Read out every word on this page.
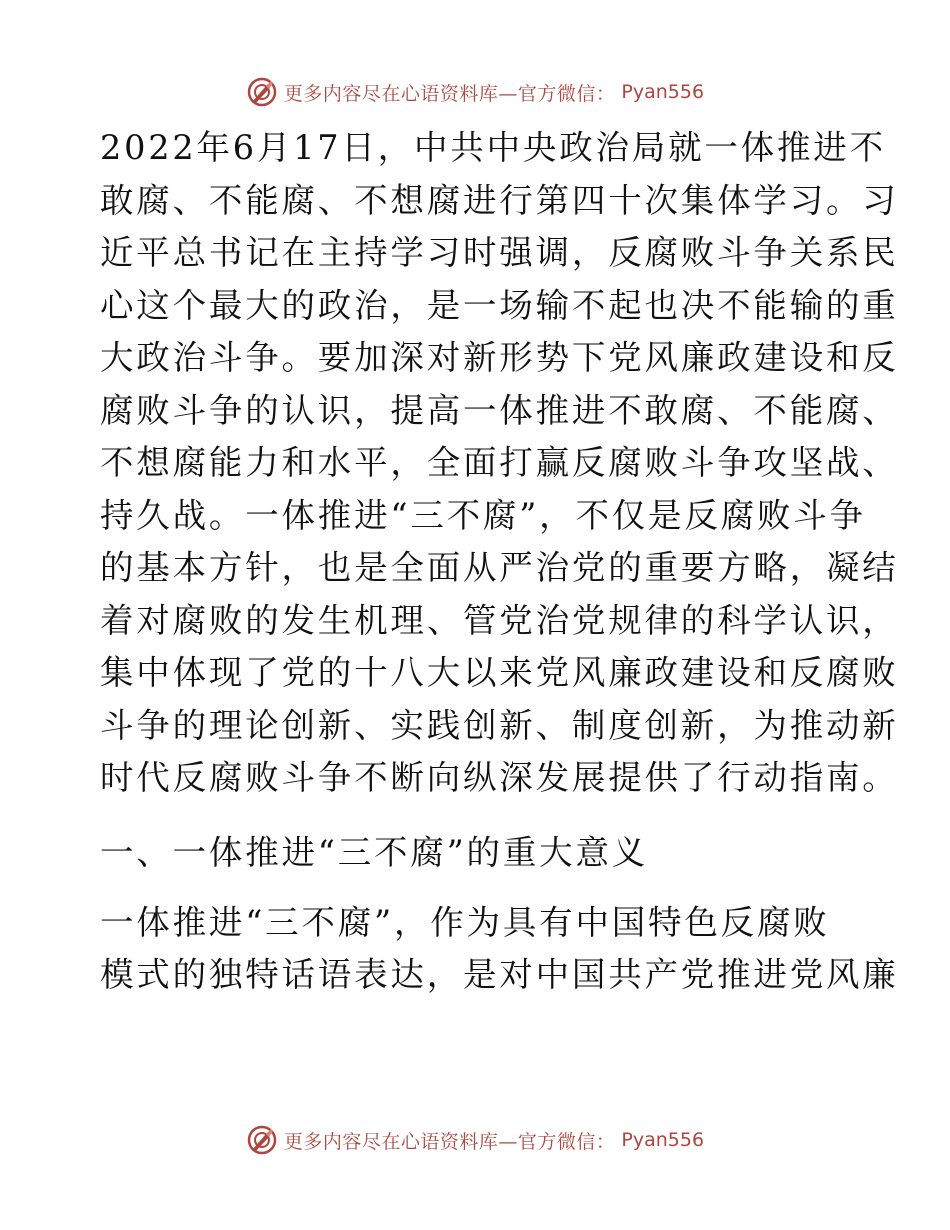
更多内容尽在心语资料库—官方微信： Pyan556

2022年6月17日，中共中央政治局就一体推进不
敢腐、不能腐、不想腐进行第四十次集体学习。习
近平总书记在主持学习时强调，反腐败斗争关系民
心这个最大的政治，是一场输不起也决不能输的重
大政治斗争。要加深对新形势下党风廉政建设和反
腐败斗争的认识，提高一体推进不敢腐、不能腐、
不想腐能力和水平，全面打赢反腐败斗争攻坚战、
持久战。一体推进“三不腐”，不仅是反腐败斗争
的基本方针，也是全面从严治党的重要方略，凝结
着对腐败的发生机理、管党治党规律的科学认识，
集中体现了党的十八大以来党风廉政建设和反腐败
斗争的理论创新、实践创新、制度创新，为推动新
时代反腐败斗争不断向纵深发展提供了行动指南。

一、一体推进“三不腐”的重大意义

一体推进“三不腐”，作为具有中国特色反腐败
模式的独特话语表达，是对中国共产党推进党风廉

更多内容尽在心语资料库—官方微信： Pyan556
